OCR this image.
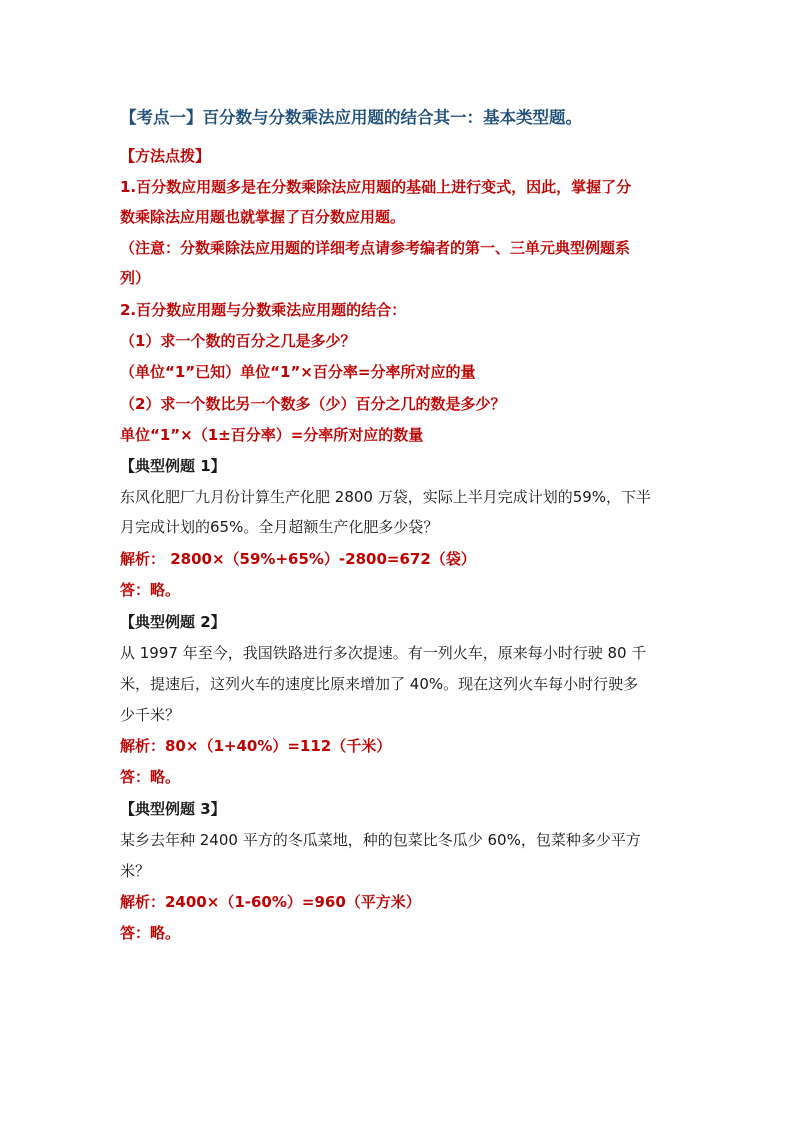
【考点一】百分数与分数乘法应用题的结合其一：基本类型题。
【方法点拨】
1.百分数应用题多是在分数乘除法应用题的基础上进行变式，因此，掌握了分
数乘除法应用题也就掌握了百分数应用题。
（注意：分数乘除法应用题的详细考点请参考编者的第一、三单元典型例题系
列）
2.百分数应用题与分数乘法应用题的结合：
（1）求一个数的百分之几是多少？
（单位“1”已知）单位“1”×百分率=分率所对应的量
（2）求一个数比另一个数多（少）百分之几的数是多少？
单位“1”×（1±百分率）=分率所对应的数量
【典型例题 1】
东风化肥厂九月份计算生产化肥 2800 万袋，实际上半月完成计划的59%，下半
月完成计划的65%。全月超额生产化肥多少袋？
解析： 2800×（59%+65%）-2800=672（袋）
答：略。
【典型例题 2】
从 1997 年至今，我国铁路进行多次提速。有一列火车，原来每小时行驶 80 千
米，提速后，这列火车的速度比原来增加了 40%。现在这列火车每小时行驶多
少千米？
解析：80×（1+40%）=112（千米）
答：略。
【典型例题 3】
某乡去年种 2400 平方的冬瓜菜地，种的包菜比冬瓜少 60%，包菜种多少平方
米？
解析：2400×（1-60%）=960（平方米）
答：略。
